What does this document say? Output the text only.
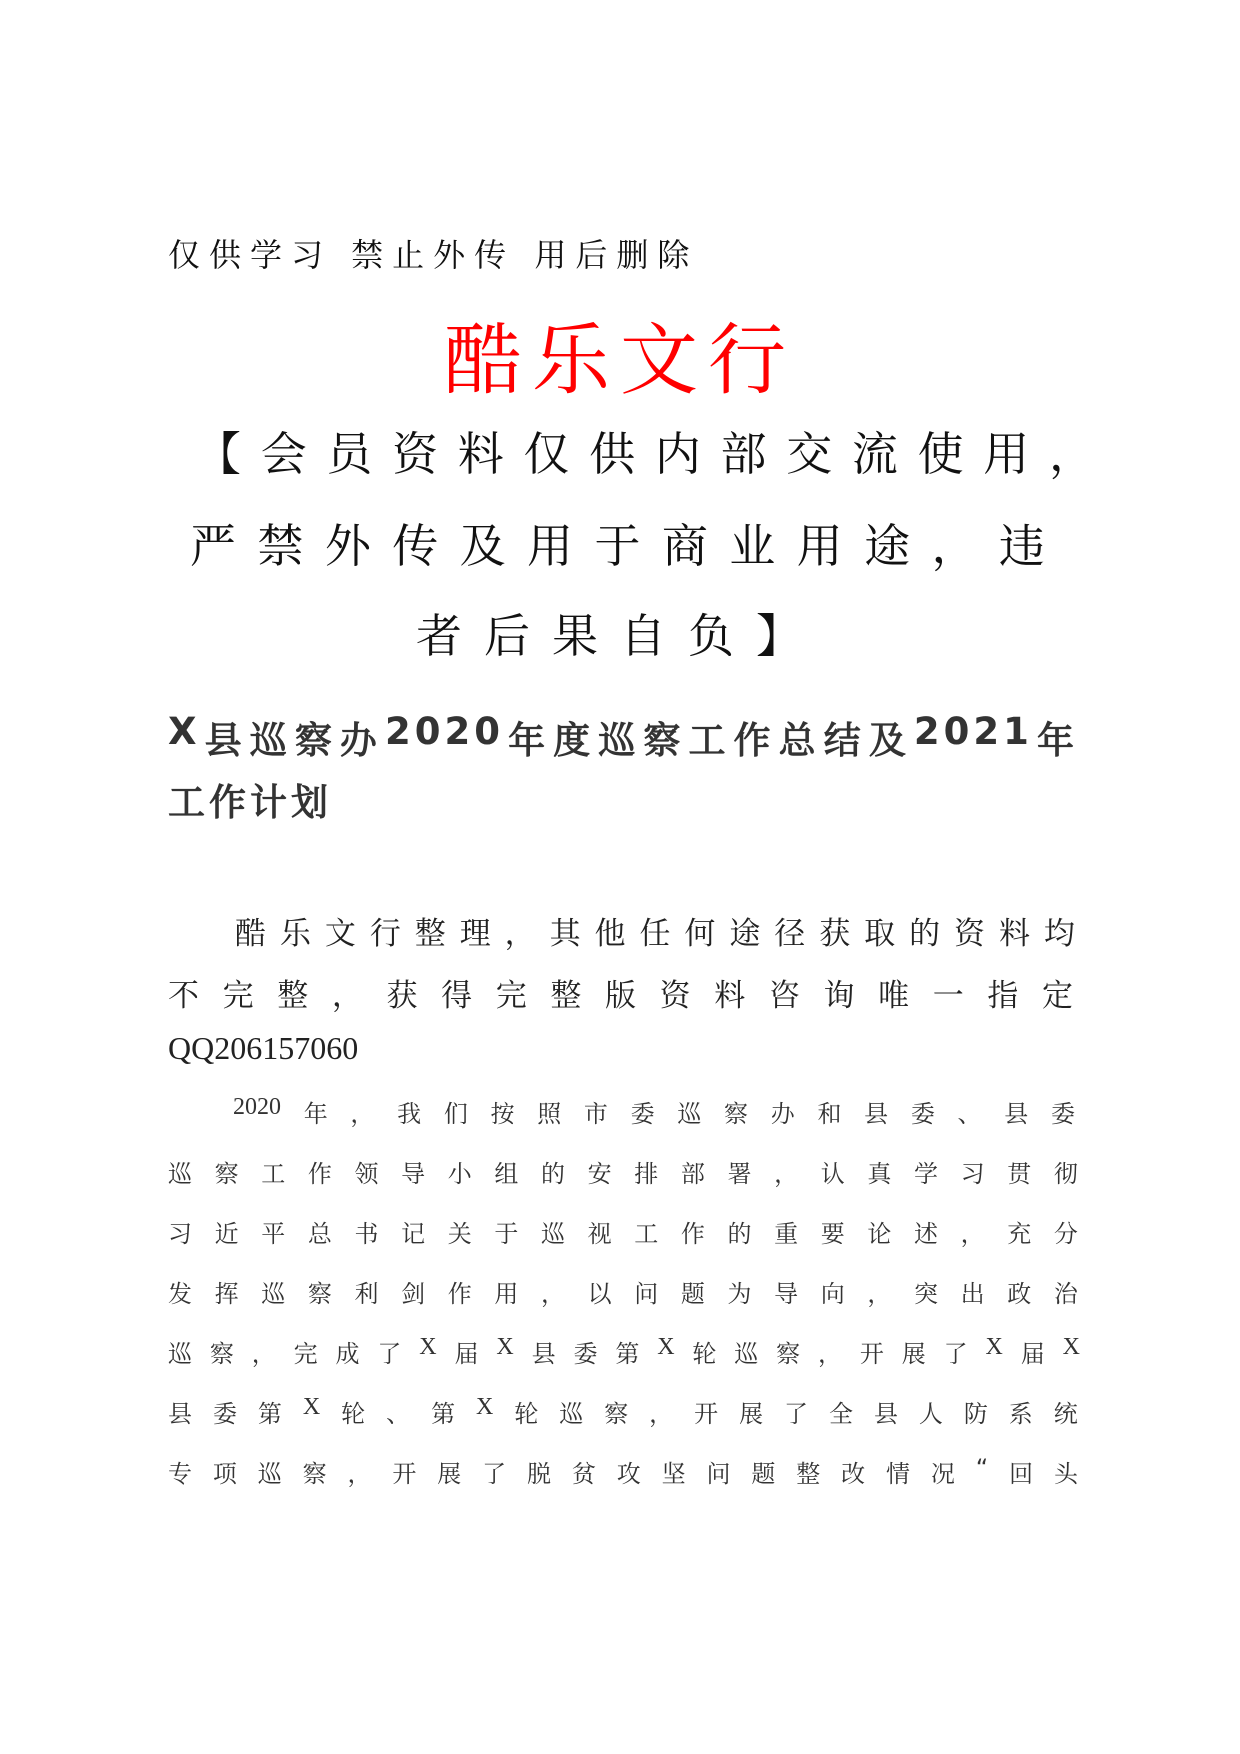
仅供学习 禁止外传 用后删除
酷乐文行
【 会 员 资 料 仅 供 内 部 交 流 使 用 ，
严 禁 外 传 及 用 于 商 业 用 途 ， 违
者后果自负】
X 县 巡 察 办 2020 年 度 巡 察 工 作 总 结 及 2021 年
工作计划
酷 乐 文 行 整 理 ， 其 他 任 何 途 径 获 取 的 资 料 均
不 完 整 ， 获 得 完 整 版 资 料 咨 询 唯 一 指 定
QQ206157060
2020 年 ， 我 们 按 照 市 委 巡 察 办 和 县 委 、 县 委
巡 察 工 作 领 导 小 组 的 安 排 部 署 ， 认 真 学 习 贯 彻
习 近 平 总 书 记 关 于 巡 视 工 作 的 重 要 论 述 ， 充 分
发 挥 巡 察 利 剑 作 用 ， 以 问 题 为 导 向 ， 突 出 政 治
巡 察 ， 完 成 了 X 届 X 县 委 第 X 轮 巡 察 ， 开 展 了 X 届 X
县 委 第 X 轮 、 第 X 轮 巡 察 ， 开 展 了 全 县 人 防 系 统
专 项 巡 察 ， 开 展 了 脱 贫 攻 坚 问 题 整 改 情 况 “ 回 头
